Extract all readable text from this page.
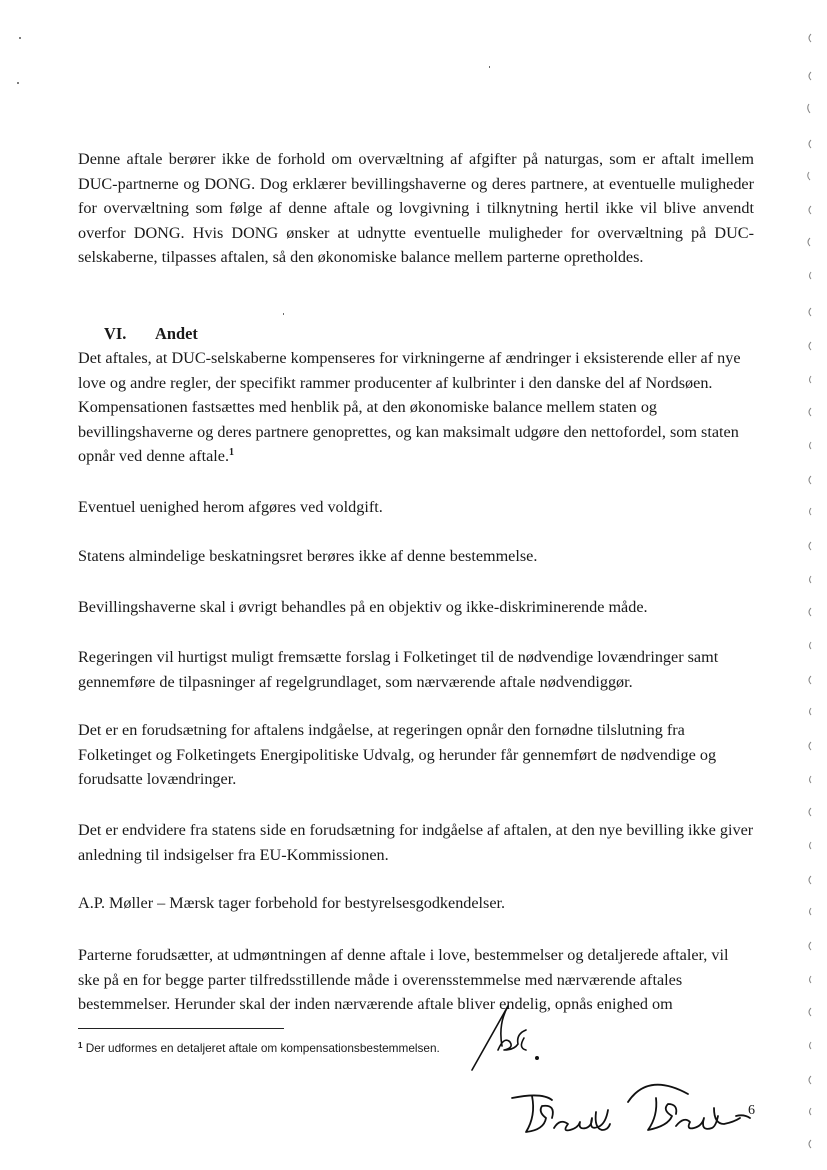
Denne aftale berører ikke de forhold om overvæltning af afgifter på naturgas, som er aftalt imellem DUC-partnerne og DONG. Dog erklærer bevillingshaverne og deres partnere, at eventuelle muligheder for overvæltning som følge af denne aftale og lovgivning i tilknytning hertil ikke vil blive anvendt overfor DONG. Hvis DONG ønsker at udnytte eventuelle muligheder for overvæltning på DUC-selskaberne, tilpasses aftalen, så den økonomiske balance mellem parterne opretholdes.
VI. Andet
Det aftales, at DUC-selskaberne kompenseres for virkningerne af ændringer i eksisterende eller af nye love og andre regler, der specifikt rammer producenter af kulbrinter i den danske del af Nordsøen. Kompensationen fastsættes med henblik på, at den økonomiske balance mellem staten og bevillingshaverne og deres partnere genoprettes, og kan maksimalt udgøre den nettofordel, som staten opnår ved denne aftale.$^1$
Eventuel uenighed herom afgøres ved voldgift.
Statens almindelige beskatningsret berøres ikke af denne bestemmelse.
Bevillingshaverne skal i øvrigt behandles på en objektiv og ikke-diskriminerende måde.
Regeringen vil hurtigst muligt fremsætte forslag i Folketinget til de nødvendige lovændringer samt gennemføre de tilpasninger af regelgrundlaget, som nærværende aftale nødvendiggør.
Det er en forudsætning for aftalens indgåelse, at regeringen opnår den fornødne tilslutning fra Folketinget og Folketingets Energipolitiske Udvalg, og herunder får gennemført de nødvendige og forudsatte lovændringer.
Det er endvidere fra statens side en forudsætning for indgåelse af aftalen, at den nye bevilling ikke giver anledning til indsigelser fra EU-Kommissionen.
A.P. Møller – Mærsk tager forbehold for bestyrelsesgodkendelser.
Parterne forudsætter, at udmøntningen af denne aftale i love, bestemmelser og detaljerede aftaler, vil ske på en for begge parter tilfredsstillende måde i overensstemmelse med nærværende aftales bestemmelser. Herunder skal der inden nærværende aftale bliver endelig, opnås enighed om
$^1$ Der udformes en detaljeret aftale om kompensationsbestemmelsen.
6
